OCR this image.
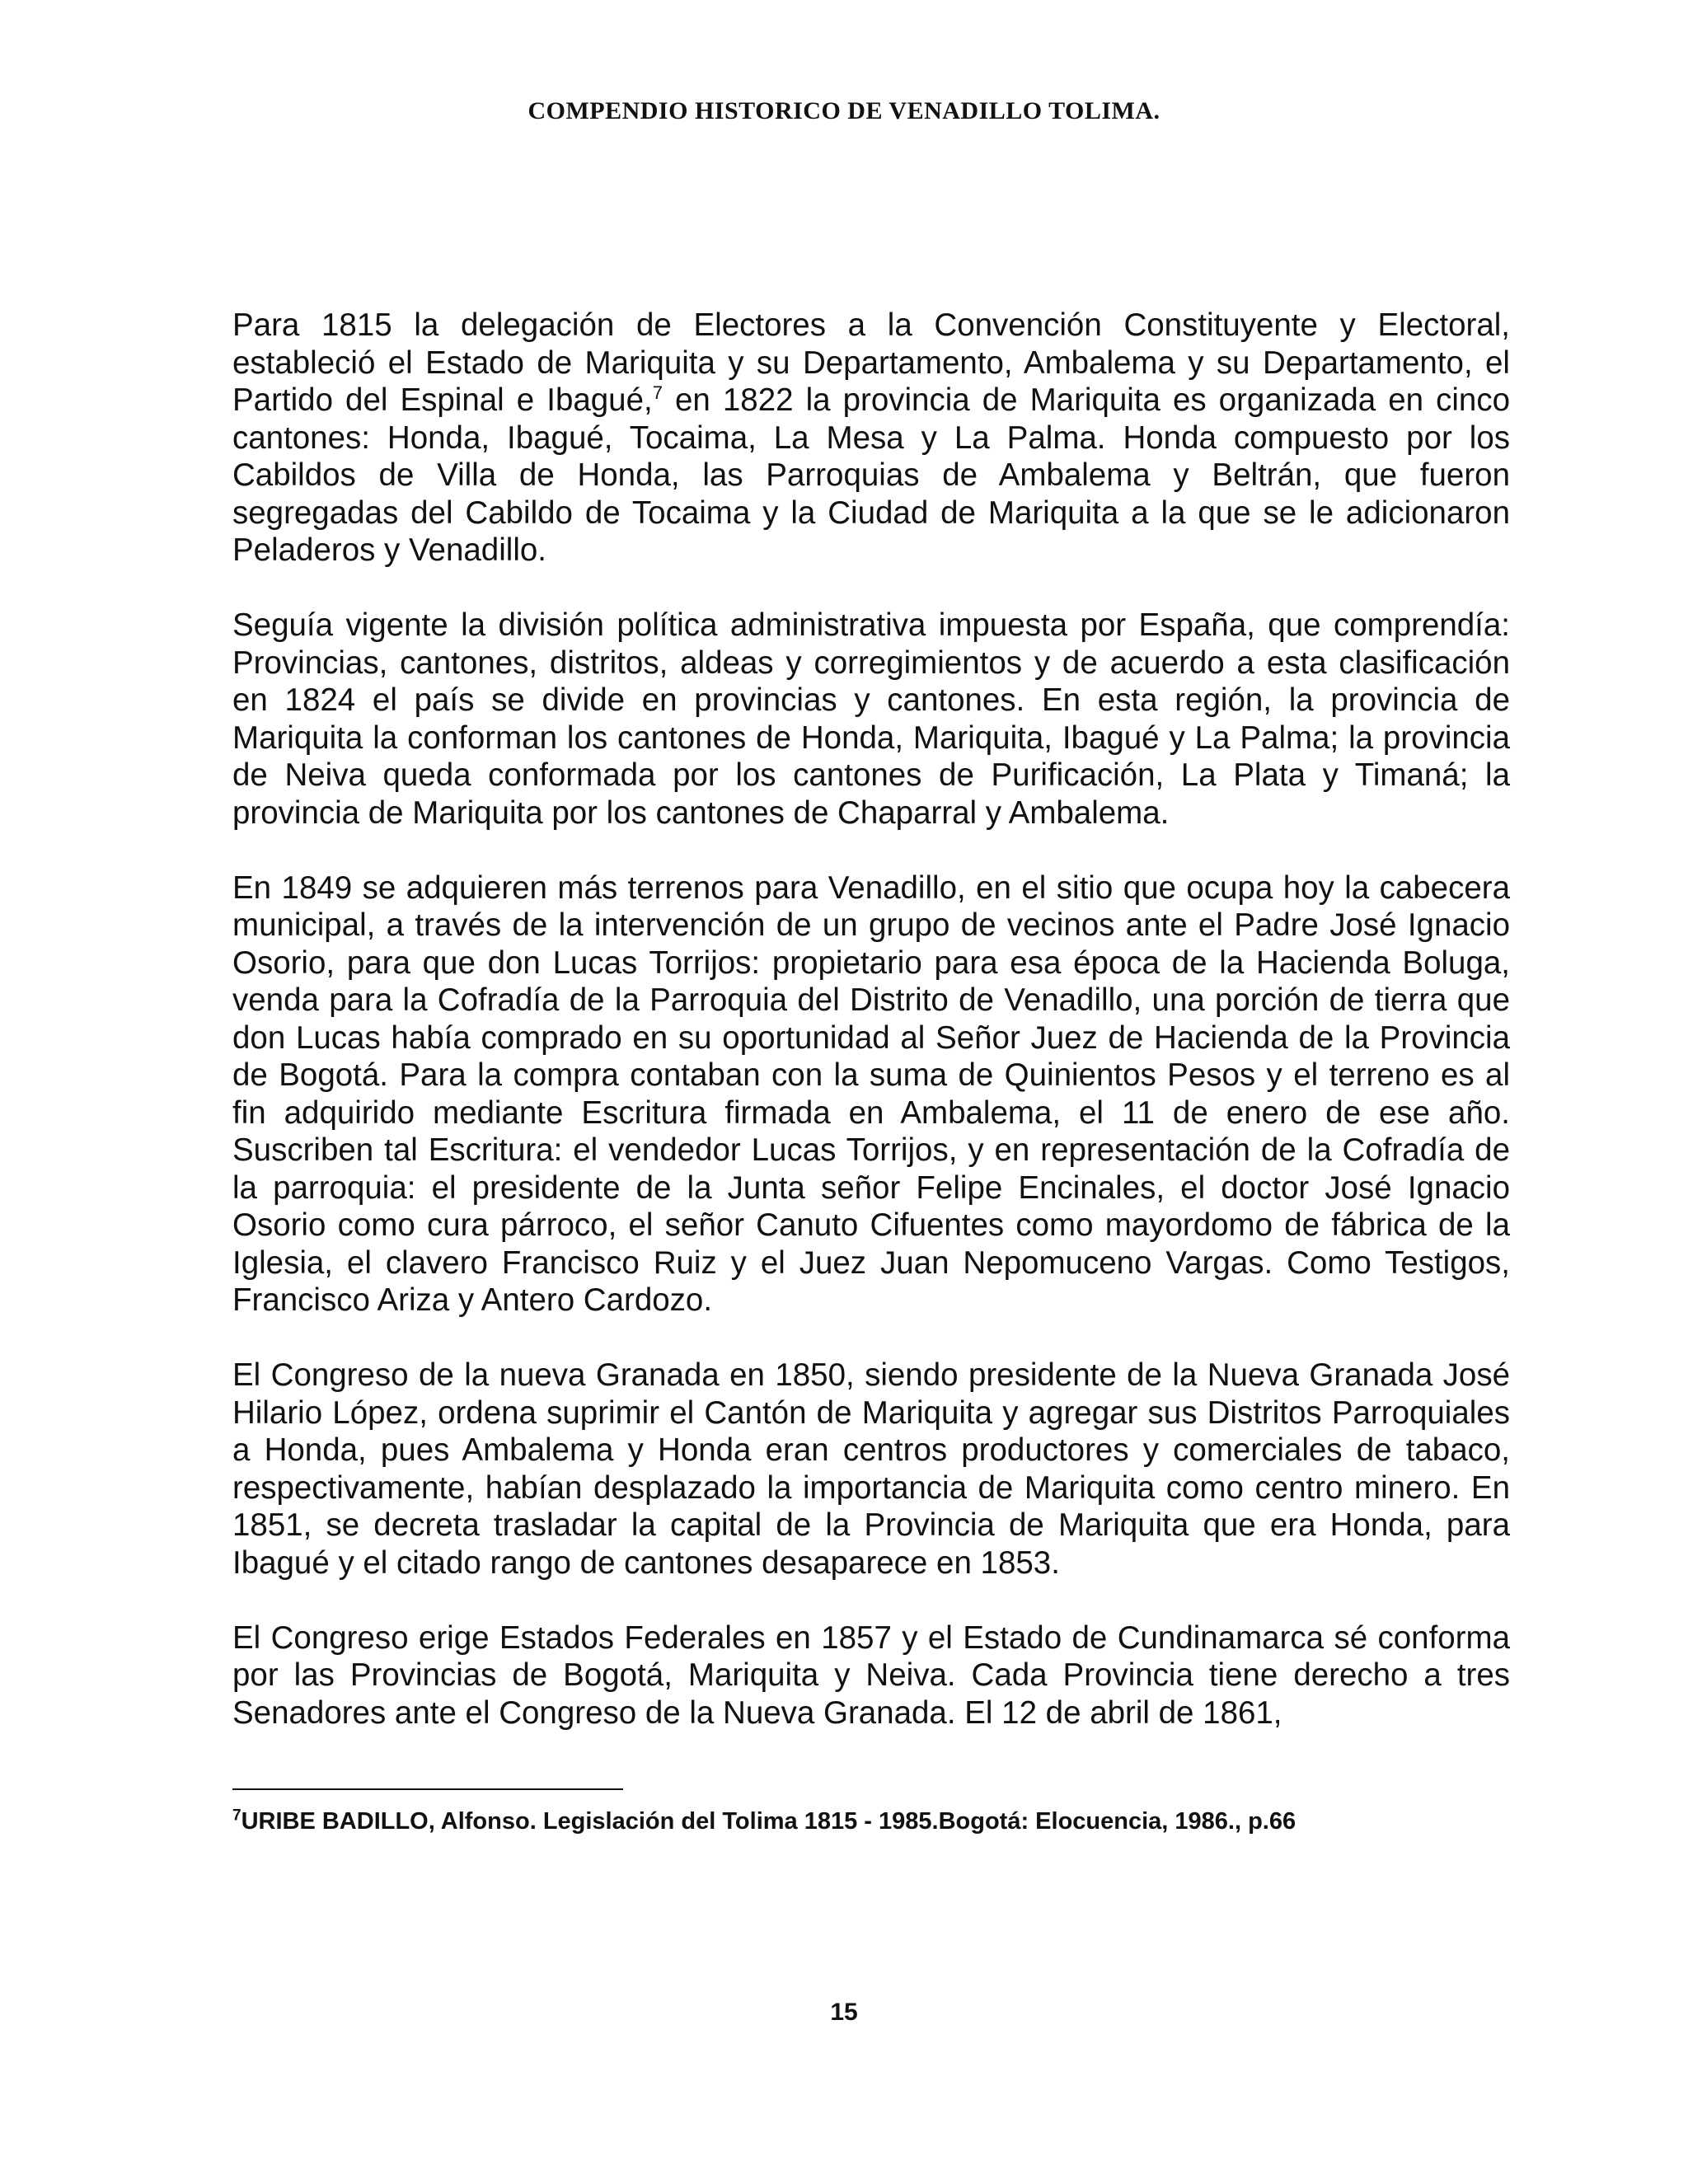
COMPENDIO HISTORICO DE VENADILLO TOLIMA.

Para 1815 la delegación de Electores a la Convención Constituyente y Electoral, estableció el Estado de Mariquita y su Departamento, Ambalema y su Departamento, el Partido del Espinal e Ibagué,$^7$ en 1822 la provincia de Mariquita es organizada en cinco cantones: Honda, Ibagué, Tocaima, La Mesa y La Palma. Honda compuesto por los Cabildos de Villa de Honda, las Parroquias de Ambalema y Beltrán, que fueron segregadas del Cabildo de Tocaima y la Ciudad de Mariquita a la que se le adicionaron Peladeros y Venadillo.

Seguía vigente la división política administrativa impuesta por España, que comprendía: Provincias, cantones, distritos, aldeas y corregimientos y de acuerdo a esta clasificación en 1824 el país se divide en provincias y cantones. En esta región, la provincia de Mariquita la conforman los cantones de Honda, Mariquita, Ibagué y La Palma; la provincia de Neiva queda conformada por los cantones de Purificación, La Plata y Timaná; la provincia de Mariquita por los cantones de Chaparral y Ambalema.

En 1849 se adquieren más terrenos para Venadillo, en el sitio que ocupa hoy la cabecera municipal, a través de la intervención de un grupo de vecinos ante el Padre José Ignacio Osorio, para que don Lucas Torrijos: propietario para esa época de la Hacienda Boluga, venda para la Cofradía de la Parroquia del Distrito de Venadillo, una porción de tierra que don Lucas había comprado en su oportunidad al Señor Juez de Hacienda de la Provincia de Bogotá. Para la compra contaban con la suma de Quinientos Pesos y el terreno es al fin adquirido mediante Escritura firmada en Ambalema, el 11 de enero de ese año. Suscriben tal Escritura: el vendedor Lucas Torrijos, y en representación de la Cofradía de la parroquia: el presidente de la Junta señor Felipe Encinales, el doctor José Ignacio Osorio como cura párroco, el señor Canuto Cifuentes como mayordomo de fábrica de la Iglesia, el clavero Francisco Ruiz y el Juez Juan Nepomuceno Vargas. Como Testigos, Francisco Ariza y Antero Cardozo.

El Congreso de la nueva Granada en 1850, siendo presidente de la Nueva Granada José Hilario López, ordena suprimir el Cantón de Mariquita y agregar sus Distritos Parroquiales a Honda, pues Ambalema y Honda eran centros productores y comerciales de tabaco, respectivamente, habían desplazado la importancia de Mariquita como centro minero. En 1851, se decreta trasladar la capital de la Provincia de Mariquita que era Honda, para Ibagué y el citado rango de cantones desaparece en 1853.

El Congreso erige Estados Federales en 1857 y el Estado de Cundinamarca sé conforma por las Provincias de Bogotá, Mariquita y Neiva. Cada Provincia tiene derecho a tres Senadores ante el Congreso de la Nueva Granada. El 12 de abril de 1861,

$^7$URIBE BADILLO, Alfonso. Legislación del Tolima 1815 - 1985.Bogotá: Elocuencia, 1986., p.66
15
